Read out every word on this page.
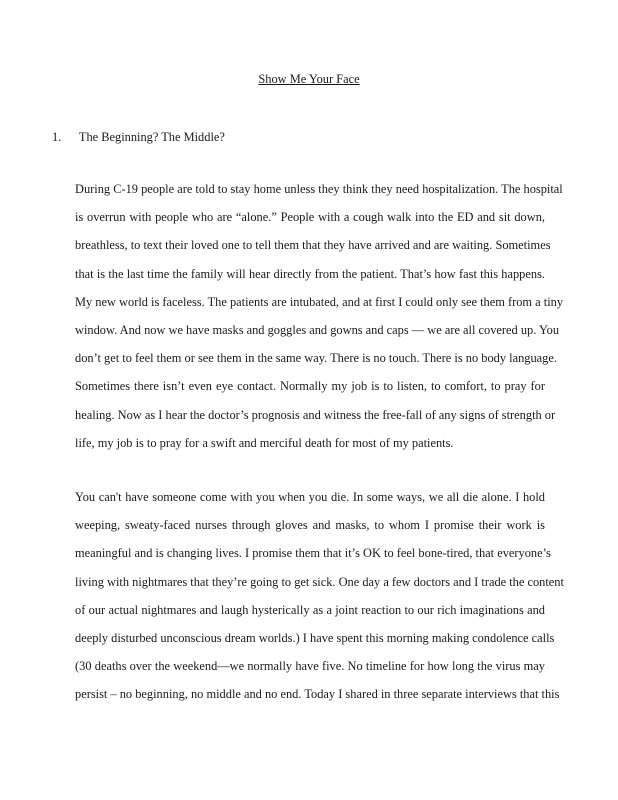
Show Me Your Face
1. The Beginning? The Middle?
During C-19 people are told to stay home unless they think they need hospitalization. The hospital
is overrun with people who are “alone.” People with a cough walk into the ED and sit down,
breathless, to text their loved one to tell them that they have arrived and are waiting. Sometimes
that is the last time the family will hear directly from the patient. That’s how fast this happens.
My new world is faceless. The patients are intubated, and at first I could only see them from a tiny
window. And now we have masks and goggles and gowns and caps — we are all covered up. You
don’t get to feel them or see them in the same way. There is no touch. There is no body language.
Sometimes there isn’t even eye contact. Normally my job is to listen, to comfort, to pray for
healing. Now as I hear the doctor’s prognosis and witness the free-fall of any signs of strength or
life, my job is to pray for a swift and merciful death for most of my patients.
You can't have someone come with you when you die. In some ways, we all die alone. I hold
weeping, sweaty-faced nurses through gloves and masks, to whom I promise their work is
meaningful and is changing lives. I promise them that it’s OK to feel bone-tired, that everyone’s
living with nightmares that they’re going to get sick. One day a few doctors and I trade the content
of our actual nightmares and laugh hysterically as a joint reaction to our rich imaginations and
deeply disturbed unconscious dream worlds.) I have spent this morning making condolence calls
(30 deaths over the weekend—we normally have five. No timeline for how long the virus may
persist – no beginning, no middle and no end. Today I shared in three separate interviews that this
